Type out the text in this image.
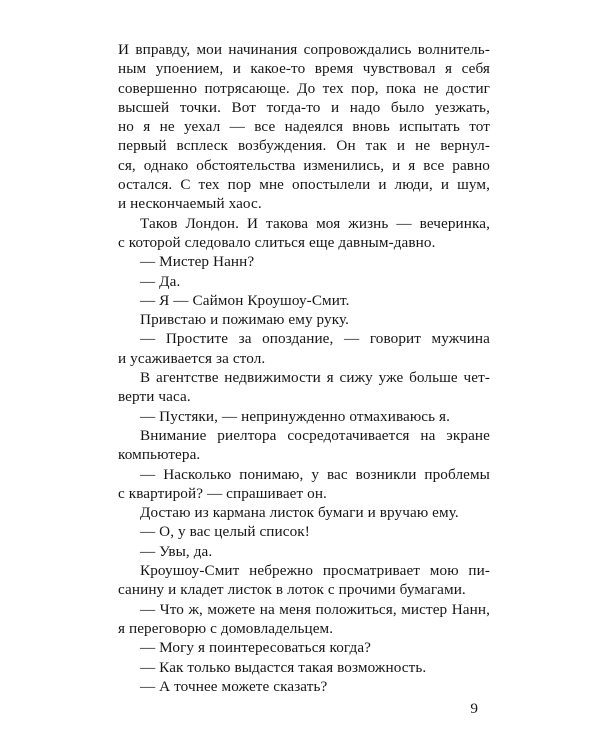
И вправду, мои начинания сопровождались волнитель-
ным упоением, и какое-то время чувствовал я себя
совершенно потрясающе. До тех пор, пока не достиг
высшей точки. Вот тогда-то и надо было уезжать,
но я не уехал — все надеялся вновь испытать тот
первый всплеск возбуждения. Он так и не вернул-
ся, однако обстоятельства изменились, и я все равно
остался. С тех пор мне опостылели и люди, и шум,
и нескончаемый хаос.
Таков Лондон. И такова моя жизнь — вечеринка,
с которой следовало слиться еще давным-давно.
— Мистер Нанн?
— Да.
— Я — Саймон Кроушоу-Смит.
Привстаю и пожимаю ему руку.
— Простите за опоздание, — говорит мужчина
и усаживается за стол.
В агентстве недвижимости я сижу уже больше чет-
верти часа.
— Пустяки, — непринужденно отмахиваюсь я.
Внимание риелтора сосредотачивается на экране
компьютера.
— Насколько понимаю, у вас возникли проблемы
с квартирой? — спрашивает он.
Достаю из кармана листок бумаги и вручаю ему.
— О, у вас целый список!
— Увы, да.
Кроушоу-Смит небрежно просматривает мою пи-
санину и кладет листок в лоток с прочими бумагами.
— Что ж, можете на меня положиться, мистер Нанн,
я переговорю с домовладельцем.
— Могу я поинтересоваться когда?
— Как только выдастся такая возможность.
— А точнее можете сказать?
9
